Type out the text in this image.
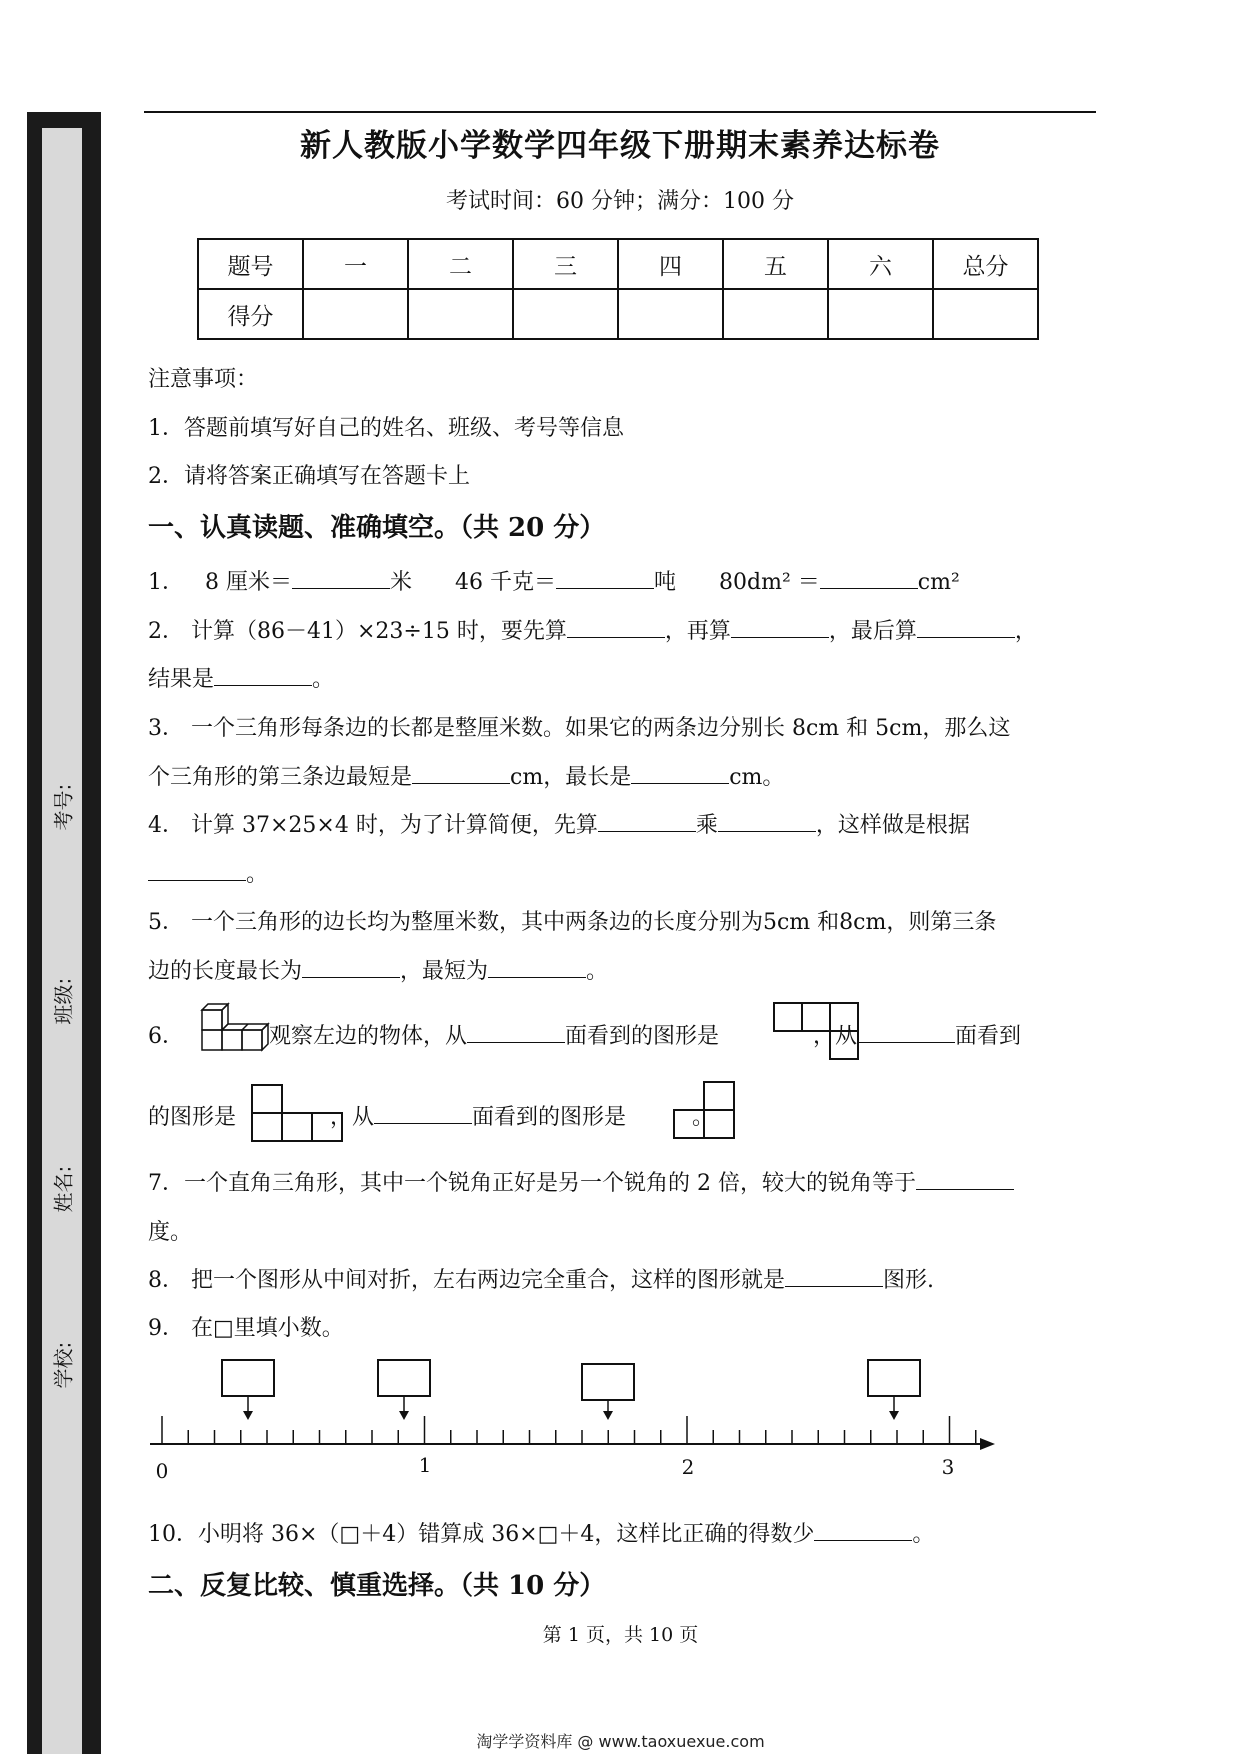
考号:
班级:
姓名:
学校:
新人教版小学数学四年级下册期末素养达标卷
考试时间：60 分钟；满分：100 分
题号	一	二	三	四	五	六	总分
得分							
注意事项：
1．答题前填写好自己的姓名、班级、考号等信息
2．请将答案正确填写在答题卡上
一、认真读题、准确填空。（共 20 分）
1． 8 厘米＝	米 46 千克＝	吨 80dm² ＝	cm²
2． 计算（86－41）×23÷15 时，要先算	，再算	，最后算	，
结果是	。
3． 一个三角形每条边的长都是整厘米数。如果它的两条边分别长 8cm 和 5cm，那么这
个三角形的第三条边最短是	cm，最长是	cm。
4． 计算 37×25×4 时，为了计算简便，先算	乘	，这样做是根据
。
5． 一个三角形的边长均为整厘米数，其中两条边的长度分别为5cm 和8cm，则第三条
边的长度最长为	，最短为	。
6．	观察左边的物体，从	面看到的图形是	，从	面看到
的图形是	，从	面看到的图形是	。
7．一个直角三角形，其中一个锐角正好是另一个锐角的 2 倍，较大的锐角等于
度。
8． 把一个图形从中间对折，左右两边完全重合，这样的图形就是	图形.
9． 在□里填小数。
0	1	2	3
10．小明将 36×（□＋4）错算成 36×□＋4，这样比正确的得数少	。
二、反复比较、慎重选择。（共 10 分）
第 1 页，共 10 页
淘学学资料库 @ www.taoxuexue.com
